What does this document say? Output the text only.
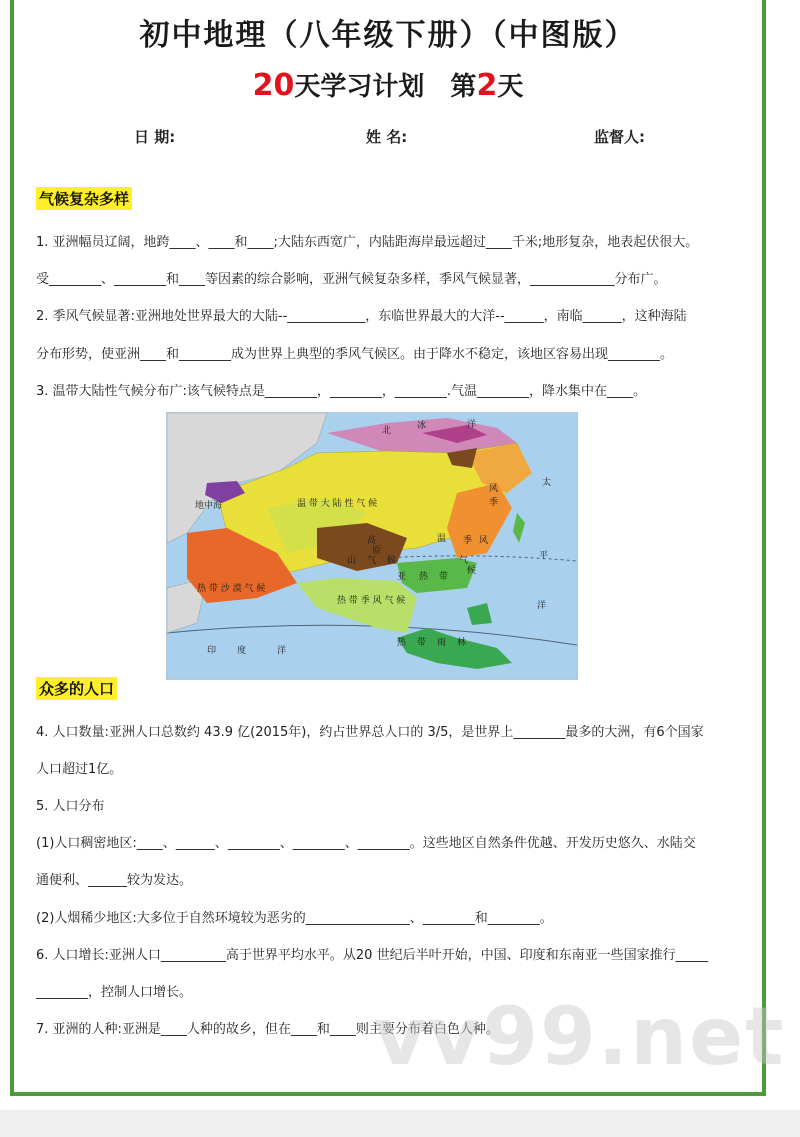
初中地理（八年级下册）（中图版）
20天学习计划 第2天
日 期:	姓 名:	监督人:
气候复杂多样
1. 亚洲幅员辽阔，地跨____、____和____;大陆东西宽广，内陆距海岸最远超过____千米;地形复杂，地表起伏很大。
受________、________和____等因素的综合影响，亚洲气候复杂多样，季风气候显著，_____________分布广。
2. 季风气候显著:亚洲地处世界最大的大陆--____________，东临世界最大的大洋--______，南临______，这种海陆
分布形势，使亚洲____和________成为世界上典型的季风气候区。由于降水不稳定，该地区容易出现________。
3. 温带大陆性气候分布广:该气候特点是________，________，________.气温________，降水集中在____。
北	冰	洋
温 带 大 陆 性 气 候
风
季
太
温
高
原
山 气 候
热 带 沙 漠 气 候
亚 热 带
季 风
气
候
热 带 季 风 气 候
平
洋
印 度	洋
热 带 雨 林
地中海
众多的人口
4. 人口数量:亚洲人口总数约 43.9 亿(2015年)，约占世界总人口的 3/5，是世界上________最多的大洲，有6个国家
人口超过1亿。
5. 人口分布
(1)人口稠密地区:____、______、________、________、________。这些地区自然条件优越、开发历史悠久、水陆交
通便利、______较为发达。
(2)人烟稀少地区:大多位于自然环境较为恶劣的________________、________和________。
6. 人口增长:亚洲人口__________高于世界平均水平。从20 世纪后半叶开始，中国、印度和东南亚一些国家推行_____
________，控制人口增长。
7. 亚洲的人种:亚洲是____人种的故乡，但在____和____则主要分布着白色人种。
vv99.net
